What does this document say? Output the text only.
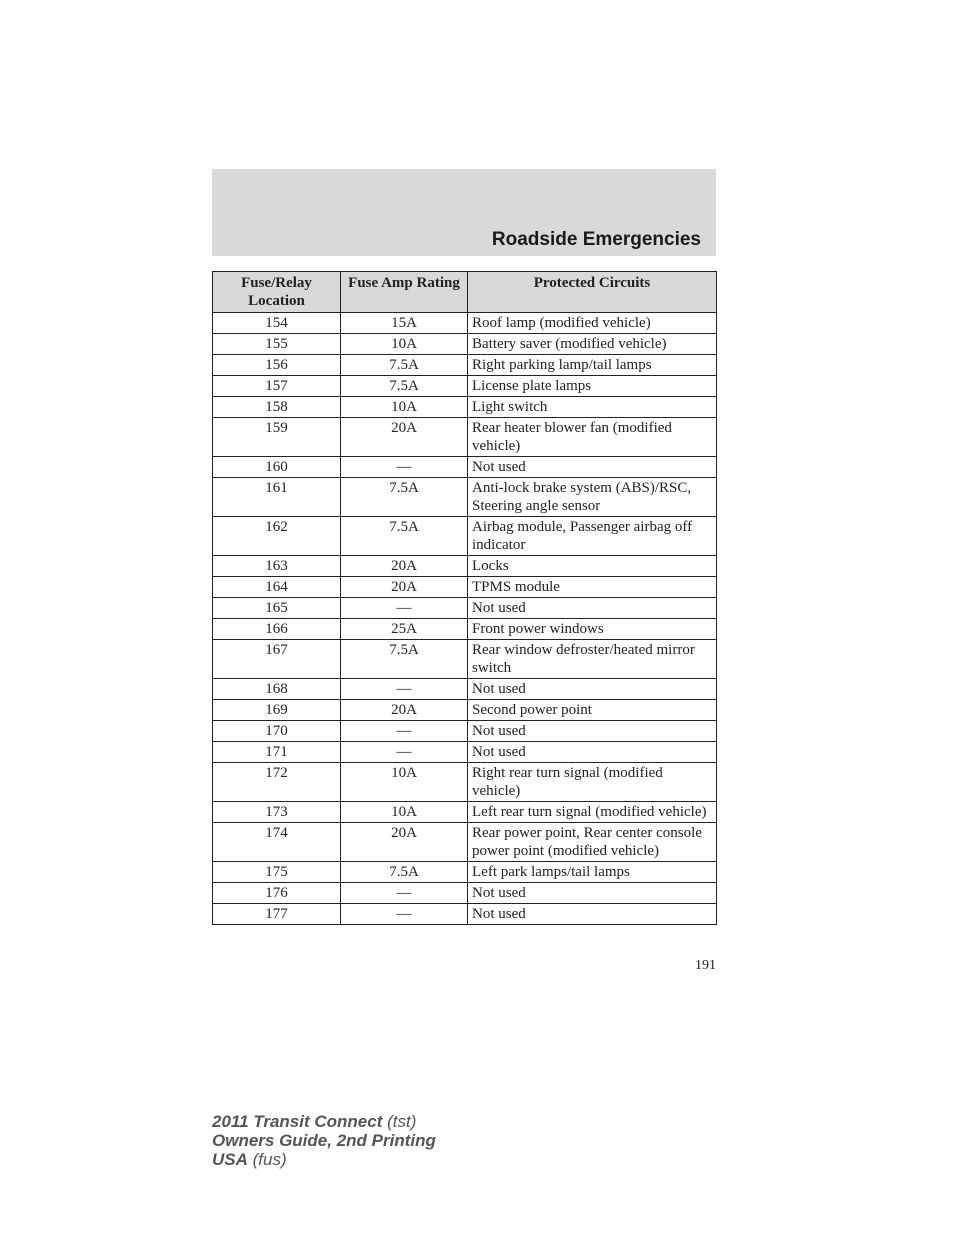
Roadside Emergencies
Fuse/Relay Location	Fuse Amp Rating	Protected Circuits
154	15A	Roof lamp (modified vehicle)
155	10A	Battery saver (modified vehicle)
156	7.5A	Right parking lamp/tail lamps
157	7.5A	License plate lamps
158	10A	Light switch
159	20A	Rear heater blower fan (modified vehicle)
160	—	Not used
161	7.5A	Anti-lock brake system (ABS)/RSC, Steering angle sensor
162	7.5A	Airbag module, Passenger airbag off indicator
163	20A	Locks
164	20A	TPMS module
165	—	Not used
166	25A	Front power windows
167	7.5A	Rear window defroster/heated mirror switch
168	—	Not used
169	20A	Second power point
170	—	Not used
171	—	Not used
172	10A	Right rear turn signal (modified vehicle)
173	10A	Left rear turn signal (modified vehicle)
174	20A	Rear power point, Rear center console power point (modified vehicle)
175	7.5A	Left park lamps/tail lamps
176	—	Not used
177	—	Not used
191
2011 Transit Connect (tst)
Owners Guide, 2nd Printing
USA (fus)
